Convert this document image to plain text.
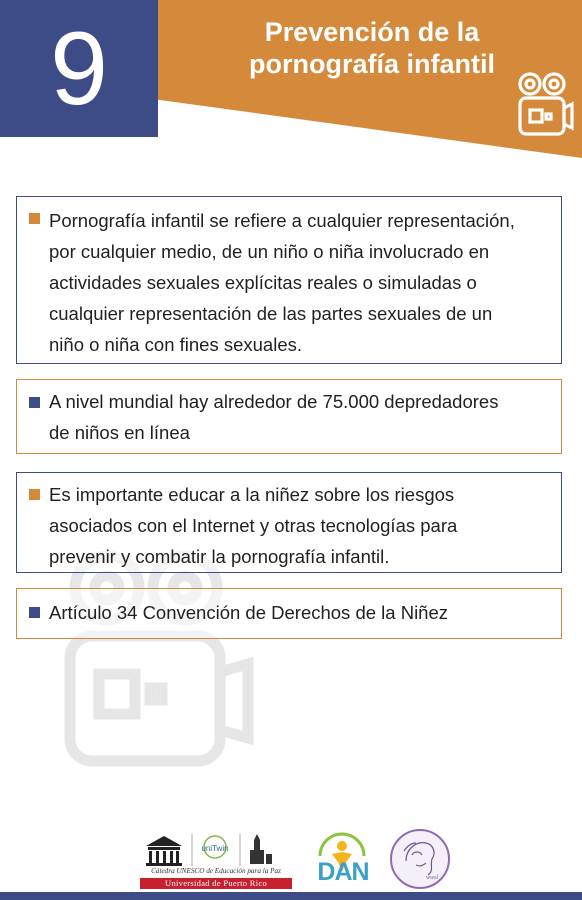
9	Prevención de la
pornografía infantil
Pornografía infantil se refiere a cualquier representación,
por cualquier medio, de un niño o niña involucrado en
actividades sexuales explícitas reales o simuladas o
cualquier representación de las partes sexuales de un
niño o niña con fines sexuales.
A nivel mundial hay alrededor de 75.000 depredadores
de niños en línea
Es importante educar a la niñez sobre los riesgos
asociados con el Internet y otras tecnologías para
prevenir y combatir la pornografía infantil.
Artículo 34 Convención de Derechos de la Niñez
uniTwin
Cátedra UNESCO de Educación para la Paz
Universidad de Puerto Rico	DAN	wwsl
